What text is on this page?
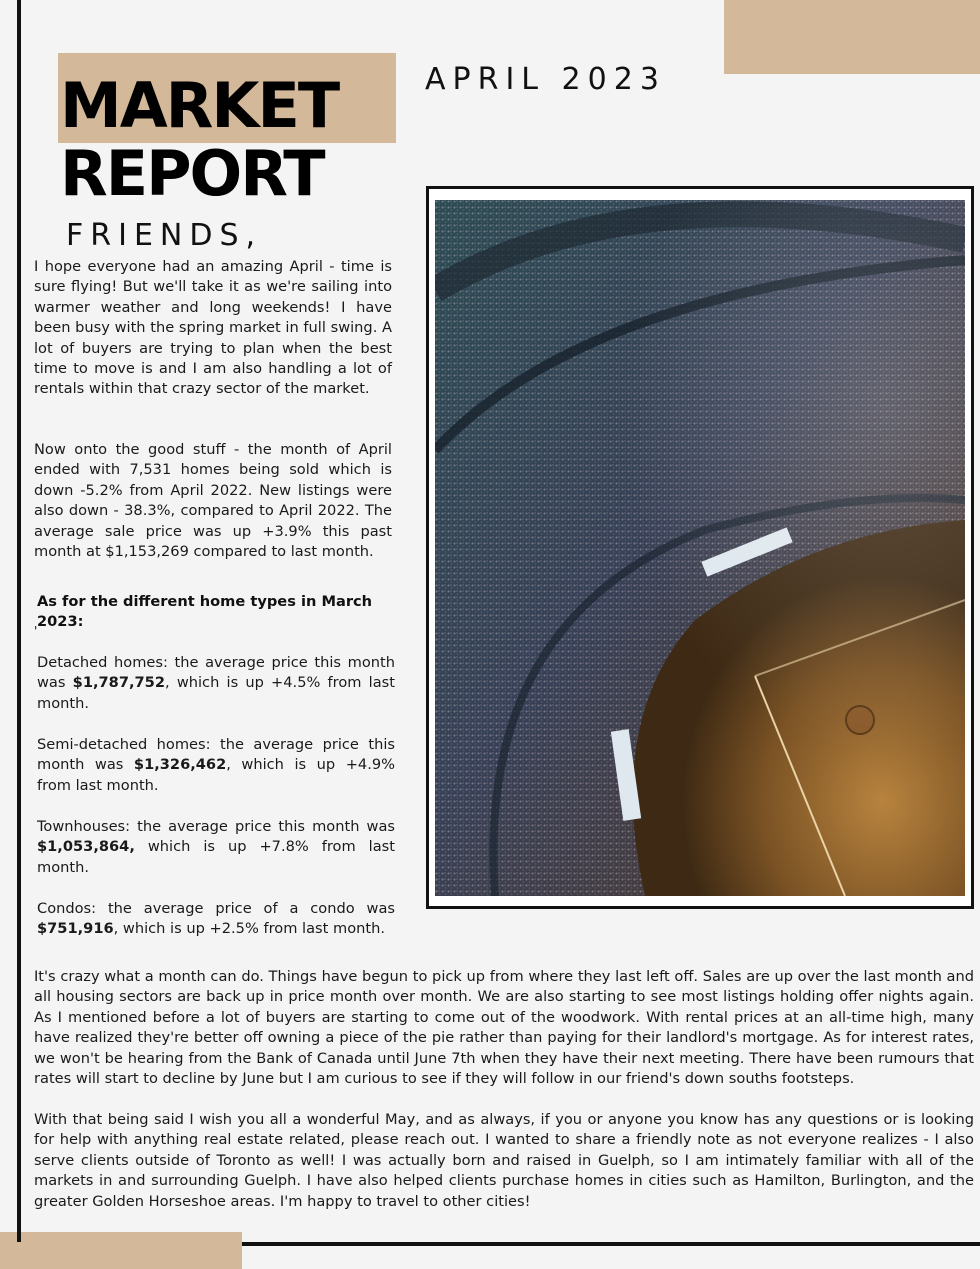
MARKET
REPORT
APRIL 2023
FRIENDS,

I hope everyone had an amazing April - time is sure flying! But we'll take it as we're sailing into warmer weather and long weekends! I have been busy with the spring market in full swing. A lot of buyers are trying to plan when the best time to move is and I am also handling a lot of rentals within that crazy sector of the market.

Now onto the good stuff - the month of April ended with 7,531 homes being sold which is down -5.2% from April 2022. New listings were also down - 38.3%, compared to April 2022. The average sale price was up +3.9% this past month at $1,153,269 compared to last month.

As for the different home types in March 2023:

'

Detached homes: the average price this month was $1,787,752, which is up +4.5% from last month.

Semi-detached homes: the average price this month was $1,326,462, which is up +4.9% from last month.

Townhouses: the average price this month was $1,053,864, which is up +7.8% from last month.

Condos: the average price of a condo was $751,916, which is up +2.5% from last month.

It's crazy what a month can do. Things have begun to pick up from where they last left off. Sales are up over the last month and all housing sectors are back up in price month over month. We are also starting to see most listings holding offer nights again. As I mentioned before a lot of buyers are starting to come out of the woodwork. With rental prices at an all-time high, many have realized they're better off owning a piece of the pie rather than paying for their landlord's mortgage. As for interest rates, we won't be hearing from the Bank of Canada until June 7th when they have their next meeting. There have been rumours that rates will start to decline by June but I am curious to see if they will follow in our friend's down souths footsteps.

With that being said I wish you all a wonderful May, and as always, if you or anyone you know has any questions or is looking for help with anything real estate related, please reach out. I wanted to share a friendly note as not everyone realizes - I also serve clients outside of Toronto as well! I was actually born and raised in Guelph, so I am intimately familiar with all of the markets in and surrounding Guelph. I have also helped clients purchase homes in cities such as Hamilton, Burlington, and the greater Golden Horseshoe areas. I'm happy to travel to other cities!
